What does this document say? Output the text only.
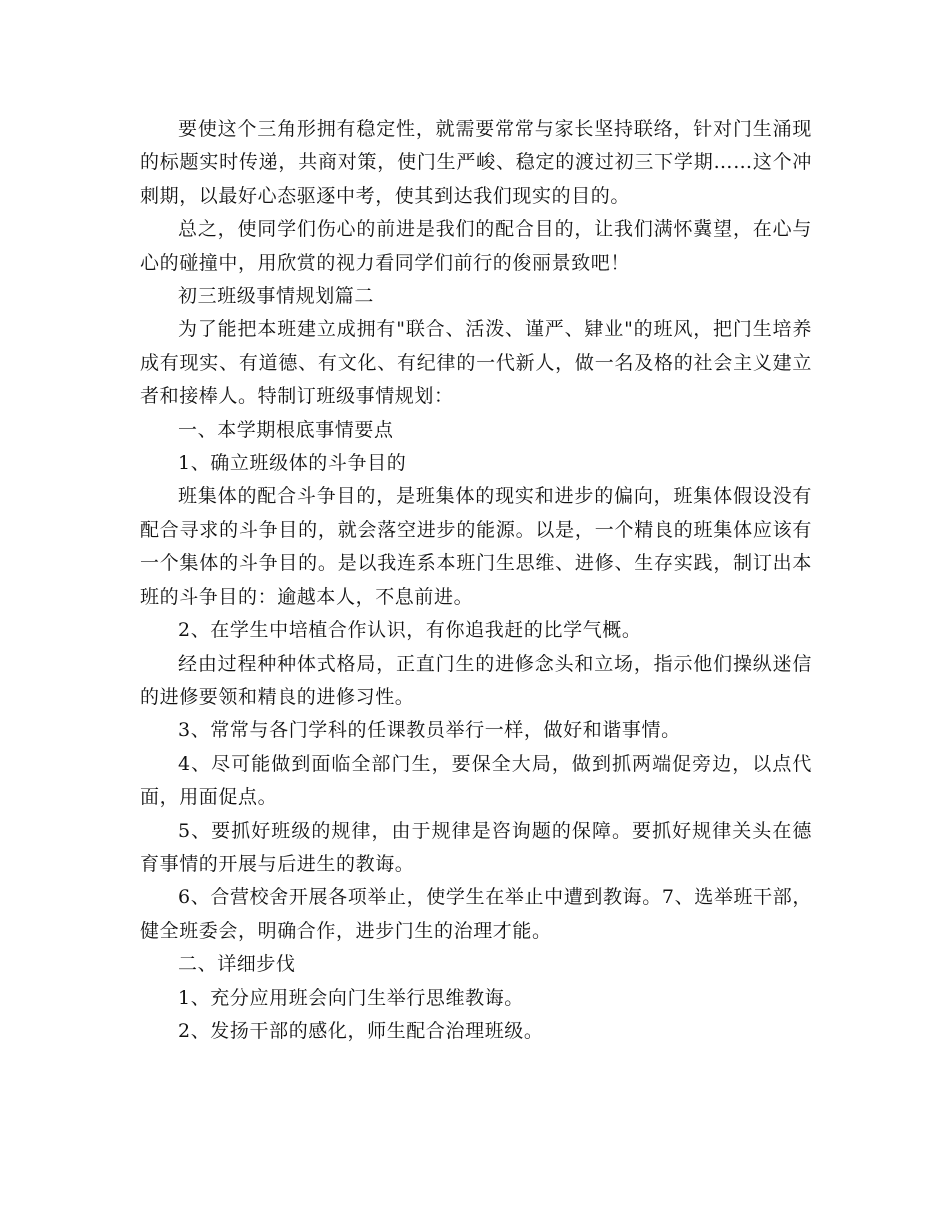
要使这个三角形拥有稳定性，就需要常常与家长坚持联络，针对门生涌现的标题实时传递，共商对策，使门生严峻、稳定的渡过初三下学期……这个冲刺期，以最好心态驱逐中考，使其到达我们现实的目的。

总之，使同学们伤心的前进是我们的配合目的，让我们满怀冀望，在心与心的碰撞中，用欣赏的视力看同学们前行的俊丽景致吧！

初三班级事情规划篇二

为了能把本班建立成拥有"联合、活泼、谨严、肄业"的班风，把门生培养成有现实、有道德、有文化、有纪律的一代新人，做一名及格的社会主义建立者和接棒人。特制订班级事情规划：

一、本学期根底事情要点

1、确立班级体的斗争目的

班集体的配合斗争目的，是班集体的现实和进步的偏向，班集体假设没有配合寻求的斗争目的，就会落空进步的能源。以是，一个精良的班集体应该有一个集体的斗争目的。是以我连系本班门生思维、进修、生存实践，制订出本班的斗争目的：逾越本人，不息前进。

2、在学生中培植合作认识，有你追我赶的比学气概。

经由过程种种体式格局，正直门生的进修念头和立场，指示他们操纵迷信的进修要领和精良的进修习性。

3、常常与各门学科的任课教员举行一样，做好和谐事情。

4、尽可能做到面临全部门生，要保全大局，做到抓两端促旁边，以点代面，用面促点。

5、要抓好班级的规律，由于规律是咨询题的保障。要抓好规律关头在德育事情的开展与后进生的教诲。

6、合营校舍开展各项举止，使学生在举止中遭到教诲。7、选举班干部，健全班委会，明确合作，进步门生的治理才能。

二、详细步伐

1、充分应用班会向门生举行思维教诲。

2、发扬干部的感化，师生配合治理班级。
